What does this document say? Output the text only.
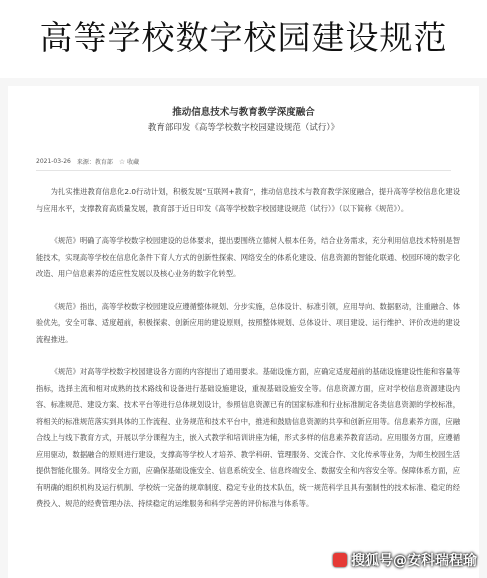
高等学校数字校园建设规范
推动信息技术与教育教学深度融合
教育部印发《高等学校数字校园建设规范（试行）》
2021-03-26 来源：教育部 ☆ 收藏

为扎实推进教育信息化2.0行动计划，积极发展“互联网+教育”，推动信息技术与教育教学深度融合，提升高等学校信息化建设与应用水平，支撑教育高质量发展，教育部于近日印发《高等学校数字校园建设规范（试行）》（以下简称《规范》）。

《规范》明确了高等学校数字校园建设的总体要求，提出要围绕立德树人根本任务，结合业务需求，充分利用信息技术特别是智能技术，实现高等学校在信息化条件下育人方式的创新性探索、网络安全的体系化建设、信息资源的智能化联通、校园环境的数字化改造、用户信息素养的适应性发展以及核心业务的数字化转型。

《规范》指出，高等学校数字校园建设应遵循整体规划、分步实施，总体设计、标准引领，应用导向、数据驱动，注重融合、体验优先，安全可靠、适度超前，积极探索、创新应用的建设原则，按照整体规划、总体设计、项目建设、运行维护、评价改进的建设流程推进。

《规范》对高等学校数字校园建设各方面的内容提出了通用要求。基础设施方面，应确定适度超前的基础设施建设性能和容量等指标，选择主流和相对成熟的技术路线和设备进行基础设施建设，重视基础设施安全等。信息资源方面，应对学校信息资源建设内容、标准规范、建设方案、技术平台等进行总体规划设计，参照信息资源已有的国家标准和行业标准制定各类信息资源的学校标准，将相关的标准规范落实到具体的工作流程、业务规范和技术平台中，推进和鼓励信息资源的共享和创新应用等。信息素养方面，应融合线上与线下教育方式，开展以学分课程为主，嵌入式教学和培训讲座为辅，形式多样的信息素养教育活动。应用服务方面，应遵循应用驱动，数据融合的原则进行建设，支撑高等学校人才培养、教学科研、管理服务、交流合作、文化传承等业务，为师生校园生活提供智能化服务。网络安全方面，应确保基础设施安全、信息系统安全、信息终端安全、数据安全和内容安全等。保障体系方面，应有明确的组织机构及运行机制、学校统一完备的规章制度、稳定专业的技术队伍，统一规范科学且具有强制性的技术标准、稳定的经费投入、规范的经费管理办法、持续稳定的运维服务和科学完善的评价标准与体系等。

搜狐号@安科瑞程瑜
